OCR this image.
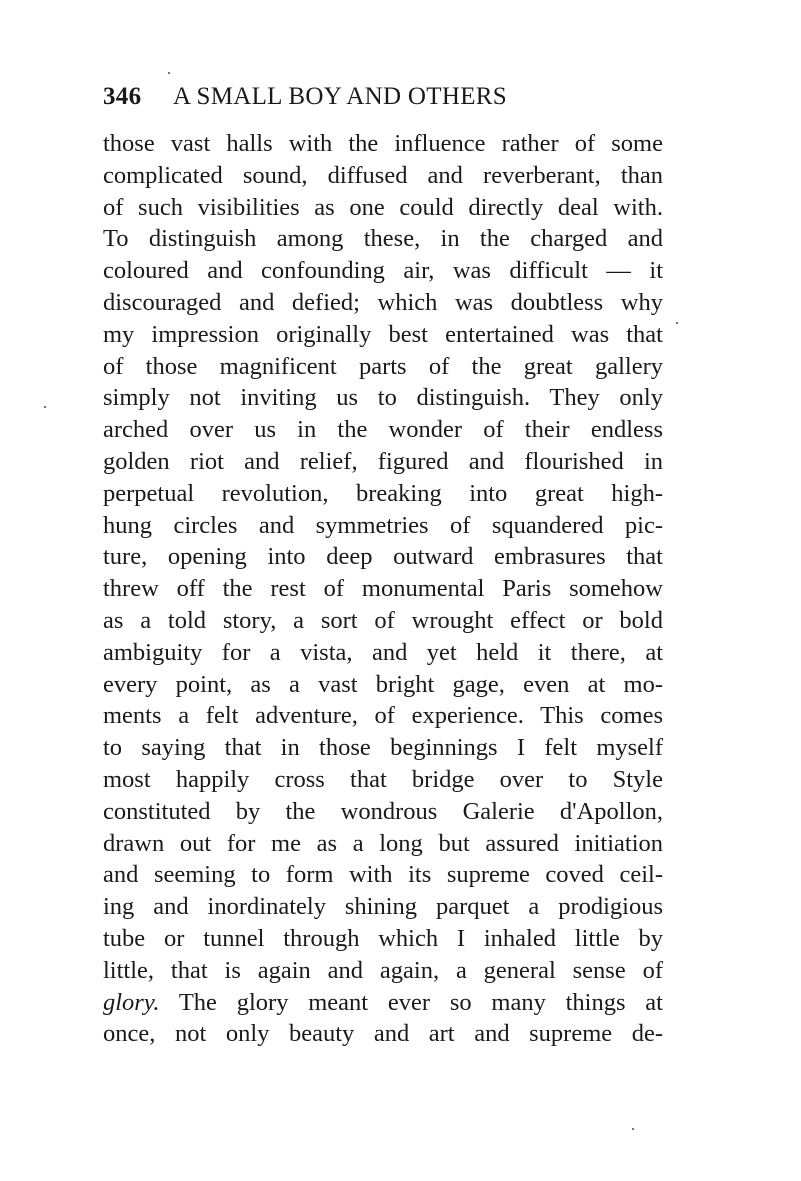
346 A SMALL BOY AND OTHERS
those vast halls with the influence rather of some
complicated sound, diffused and reverberant, than
of such visibilities as one could directly deal with.
To distinguish among these, in the charged and
coloured and confounding air, was difficult — it
discouraged and defied; which was doubtless why
my impression originally best entertained was that
of those magnificent parts of the great gallery
simply not inviting us to distinguish. They only
arched over us in the wonder of their endless
golden riot and relief, figured and flourished in
perpetual revolution, breaking into great high-
hung circles and symmetries of squandered pic-
ture, opening into deep outward embrasures that
threw off the rest of monumental Paris somehow
as a told story, a sort of wrought effect or bold
ambiguity for a vista, and yet held it there, at
every point, as a vast bright gage, even at mo-
ments a felt adventure, of experience. This comes
to saying that in those beginnings I felt myself
most happily cross that bridge over to Style
constituted by the wondrous Galerie d'Apollon,
drawn out for me as a long but assured initiation
and seeming to form with its supreme coved ceil-
ing and inordinately shining parquet a prodigious
tube or tunnel through which I inhaled little by
little, that is again and again, a general sense of
glory. The glory meant ever so many things at
once, not only beauty and art and supreme de-
